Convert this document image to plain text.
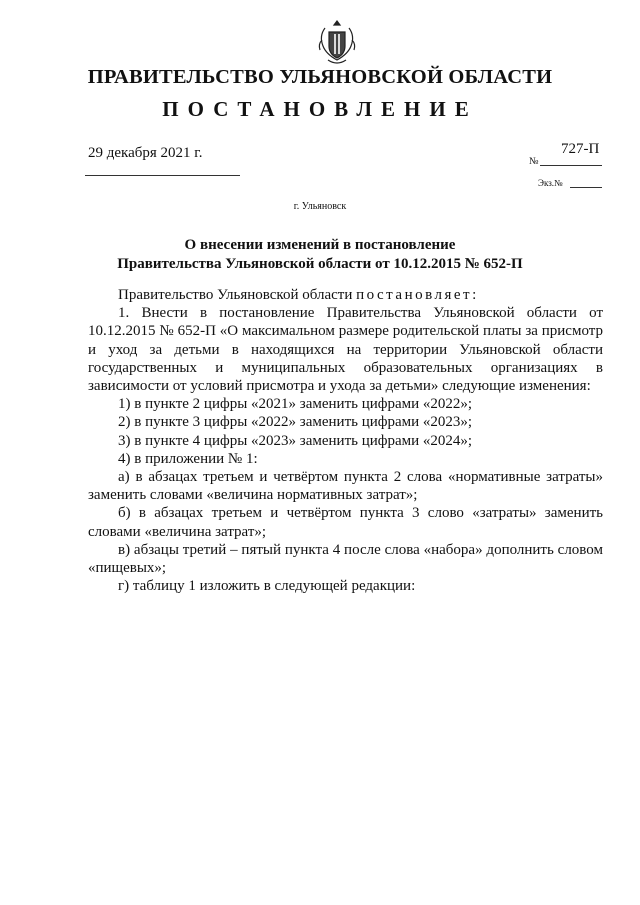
ПРАВИТЕЛЬСТВО УЛЬЯНОВСКОЙ ОБЛАСТИ
ПОСТАНОВЛЕНИЕ
29 декабря 2021 г.
№
727-П
Экз.№
г. Ульяновск
О внесении изменений в постановление
Правительства Ульяновской области от 10.12.2015 № 652-П

Правительство Ульяновской области постановляет:

1. Внести в постановление Правительства Ульяновской области от 10.12.2015 № 652-П «О максимальном размере родительской платы за присмотр и уход за детьми в находящихся на территории Ульяновской области государственных и муниципальных образовательных организациях в зависимости от условий присмотра и ухода за детьми» следующие изменения:

1) в пункте 2 цифры «2021» заменить цифрами «2022»;

2) в пункте 3 цифры «2022» заменить цифрами «2023»;

3) в пункте 4 цифры «2023» заменить цифрами «2024»;

4) в приложении № 1:

а) в абзацах третьем и четвёртом пункта 2 слова «нормативные затраты» заменить словами «величина нормативных затрат»;

б) в абзацах третьем и четвёртом пункта 3 слово «затраты» заменить словами «величина затрат»;

в) абзацы третий – пятый пункта 4 после слова «набора» дополнить словом «пищевых»;

г) таблицу 1 изложить в следующей редакции:
